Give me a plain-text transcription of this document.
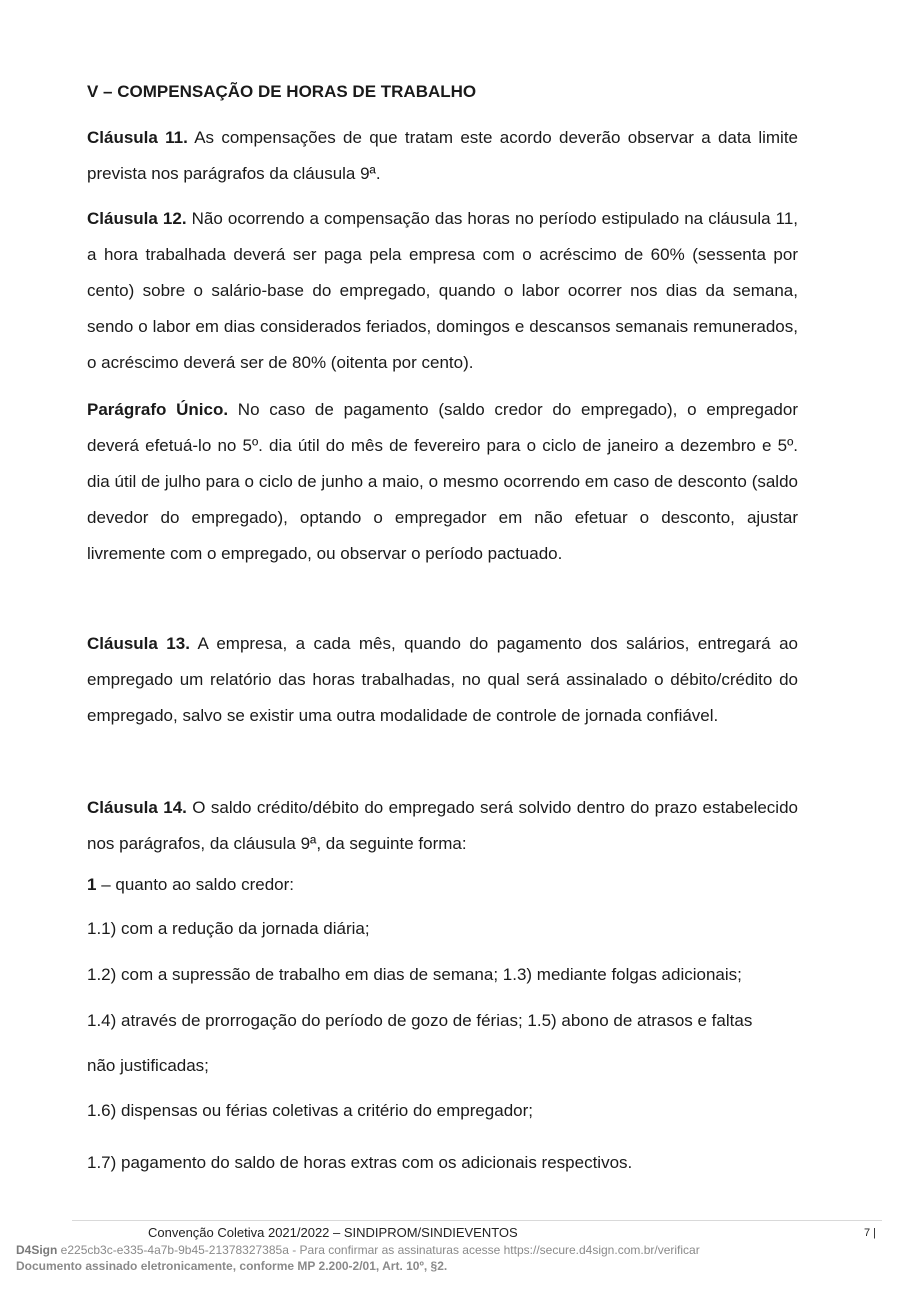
V – COMPENSAÇÃO DE HORAS DE TRABALHO

Cláusula 11. As compensações de que tratam este acordo deverão observar a data limite prevista nos parágrafos da cláusula 9ª.

Cláusula 12. Não ocorrendo a compensação das horas no período estipulado na cláusula 11, a hora trabalhada deverá ser paga pela empresa com o acréscimo de 60% (sessenta por cento) sobre o salário-base do empregado, quando o labor ocorrer nos dias da semana, sendo o labor em dias considerados feriados, domingos e descansos semanais remunerados, o acréscimo deverá ser de 80% (oitenta por cento).

Parágrafo Único. No caso de pagamento (saldo credor do empregado), o empregador deverá efetuá-lo no 5º. dia útil do mês de fevereiro para o ciclo de janeiro a dezembro e 5º. dia útil de julho para o ciclo de junho a maio, o mesmo ocorrendo em caso de desconto (saldo devedor do empregado), optando o empregador em não efetuar o desconto, ajustar livremente com o empregado, ou observar o período pactuado.

Cláusula 13. A empresa, a cada mês, quando do pagamento dos salários, entregará ao empregado um relatório das horas trabalhadas, no qual será assinalado o débito/crédito do empregado, salvo se existir uma outra modalidade de controle de jornada confiável.

Cláusula 14. O saldo crédito/débito do empregado será solvido dentro do prazo estabelecido nos parágrafos, da cláusula 9ª, da seguinte forma:

1 – quanto ao saldo credor:

1.1) com a redução da jornada diária;

1.2) com a supressão de trabalho em dias de semana; 1.3) mediante folgas adicionais;

1.4) através de prorrogação do período de gozo de férias; 1.5) abono de atrasos e faltas

não justificadas;

1.6) dispensas ou férias coletivas a critério do empregador;

1.7) pagamento do saldo de horas extras com os adicionais respectivos.

Convenção Coletiva 2021/2022 – SINDIPROM/SINDIEVENTOS	7 |
D4Sign e225cb3c-e335-4a7b-9b45-21378327385a - Para confirmar as assinaturas acesse https://secure.d4sign.com.br/verificar
Documento assinado eletronicamente, conforme MP 2.200-2/01, Art. 10º, §2.
